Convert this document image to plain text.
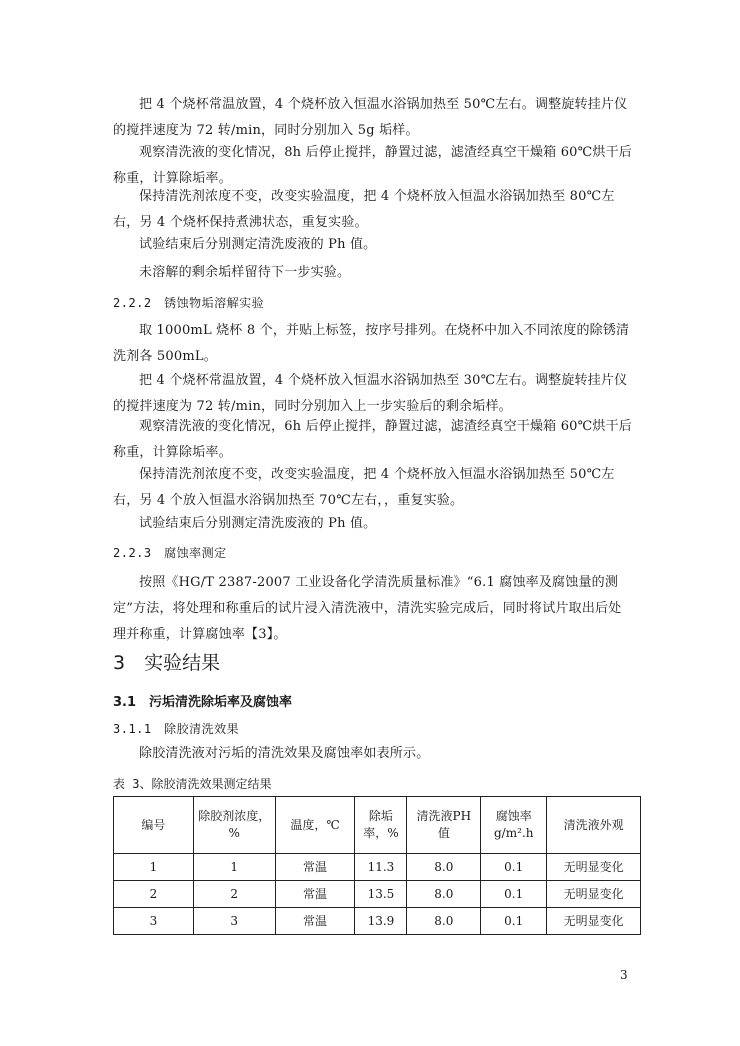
把 4 个烧杯常温放置，4 个烧杯放入恒温水浴锅加热至 50℃左右。调整旋转挂片仪的搅拌速度为 72 转/min，同时分别加入 5g 垢样。

观察清洗液的变化情况，8h 后停止搅拌，静置过滤，滤渣经真空干燥箱 60℃烘干后称重，计算除垢率。

保持清洗剂浓度不变，改变实验温度，把 4 个烧杯放入恒温水浴锅加热至 80℃左右，另 4 个烧杯保持煮沸状态，重复实验。

试验结束后分别测定清洗废液的 Ph 值。

未溶解的剩余垢样留待下一步实验。

2.2.2　锈蚀物垢溶解实验

取 1000mL 烧杯 8 个，并贴上标签，按序号排列。在烧杯中加入不同浓度的除锈清洗剂各 500mL。

把 4 个烧杯常温放置，4 个烧杯放入恒温水浴锅加热至 30℃左右。调整旋转挂片仪的搅拌速度为 72 转/min，同时分别加入上一步实验后的剩余垢样。

观察清洗液的变化情况，6h 后停止搅拌，静置过滤，滤渣经真空干燥箱 60℃烘干后称重，计算除垢率。

保持清洗剂浓度不变，改变实验温度，把 4 个烧杯放入恒温水浴锅加热至 50℃左右，另 4 个放入恒温水浴锅加热至 70℃左右，，重复实验。

试验结束后分别测定清洗废液的 Ph 值。

2.2.3　腐蚀率测定

按照《HG/T 2387-2007 工业设备化学清洗质量标准》“6.1 腐蚀率及腐蚀量的测定”方法，将处理和称重后的试片浸入清洗液中，清洗实验完成后，同时将试片取出后处理并称重，计算腐蚀率【3】。

3　实验结果

3.1　污垢清洗除垢率及腐蚀率

3.1.1　除胶清洗效果

除胶清洗液对污垢的清洗效果及腐蚀率如表所示。

表 3、除胶清洗效果测定结果

编号	除胶剂浓度，%	温度，℃	除垢率，%	清洗液PH 值	腐蚀率 g/m².h	清洗液外观
1	1	常温	11.3	8.0	0.1	无明显变化
2	2	常温	13.5	8.0	0.1	无明显变化
3	3	常温	13.9	8.0	0.1	无明显变化
3
